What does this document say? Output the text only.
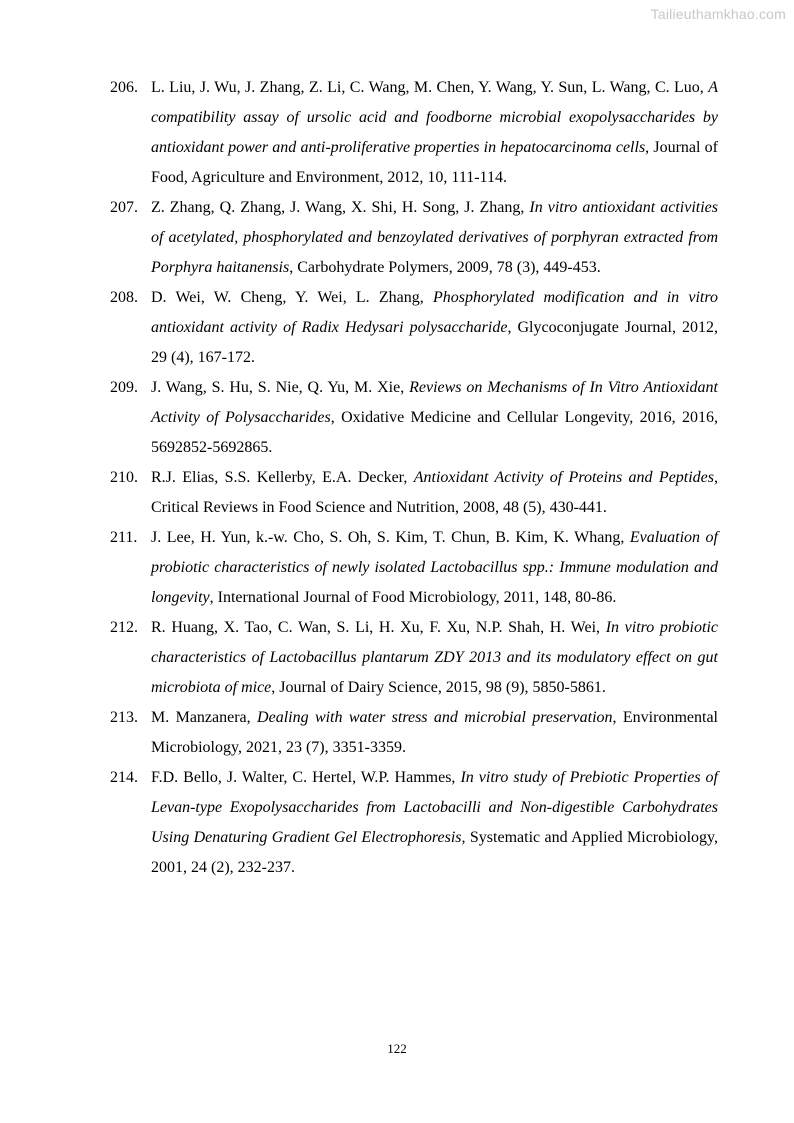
Tailieuthamkhao.com
206. L. Liu, J. Wu, J. Zhang, Z. Li, C. Wang, M. Chen, Y. Wang, Y. Sun, L. Wang, C. Luo, A compatibility assay of ursolic acid and foodborne microbial exopolysaccharides by antioxidant power and anti-proliferative properties in hepatocarcinoma cells, Journal of Food, Agriculture and Environment, 2012, 10, 111-114.
207. Z. Zhang, Q. Zhang, J. Wang, X. Shi, H. Song, J. Zhang, In vitro antioxidant activities of acetylated, phosphorylated and benzoylated derivatives of porphyran extracted from Porphyra haitanensis, Carbohydrate Polymers, 2009, 78 (3), 449-453.
208. D. Wei, W. Cheng, Y. Wei, L. Zhang, Phosphorylated modification and in vitro antioxidant activity of Radix Hedysari polysaccharide, Glycoconjugate Journal, 2012, 29 (4), 167-172.
209. J. Wang, S. Hu, S. Nie, Q. Yu, M. Xie, Reviews on Mechanisms of In Vitro Antioxidant Activity of Polysaccharides, Oxidative Medicine and Cellular Longevity, 2016, 2016, 5692852-5692865.
210. R.J. Elias, S.S. Kellerby, E.A. Decker, Antioxidant Activity of Proteins and Peptides, Critical Reviews in Food Science and Nutrition, 2008, 48 (5), 430-441.
211. J. Lee, H. Yun, k.-w. Cho, S. Oh, S. Kim, T. Chun, B. Kim, K. Whang, Evaluation of probiotic characteristics of newly isolated Lactobacillus spp.: Immune modulation and longevity, International Journal of Food Microbiology, 2011, 148, 80-86.
212. R. Huang, X. Tao, C. Wan, S. Li, H. Xu, F. Xu, N.P. Shah, H. Wei, In vitro probiotic characteristics of Lactobacillus plantarum ZDY 2013 and its modulatory effect on gut microbiota of mice, Journal of Dairy Science, 2015, 98 (9), 5850-5861.
213. M. Manzanera, Dealing with water stress and microbial preservation, Environmental Microbiology, 2021, 23 (7), 3351-3359.
214. F.D. Bello, J. Walter, C. Hertel, W.P. Hammes, In vitro study of Prebiotic Properties of Levan-type Exopolysaccharides from Lactobacilli and Non-digestible Carbohydrates Using Denaturing Gradient Gel Electrophoresis, Systematic and Applied Microbiology, 2001, 24 (2), 232-237.
122
